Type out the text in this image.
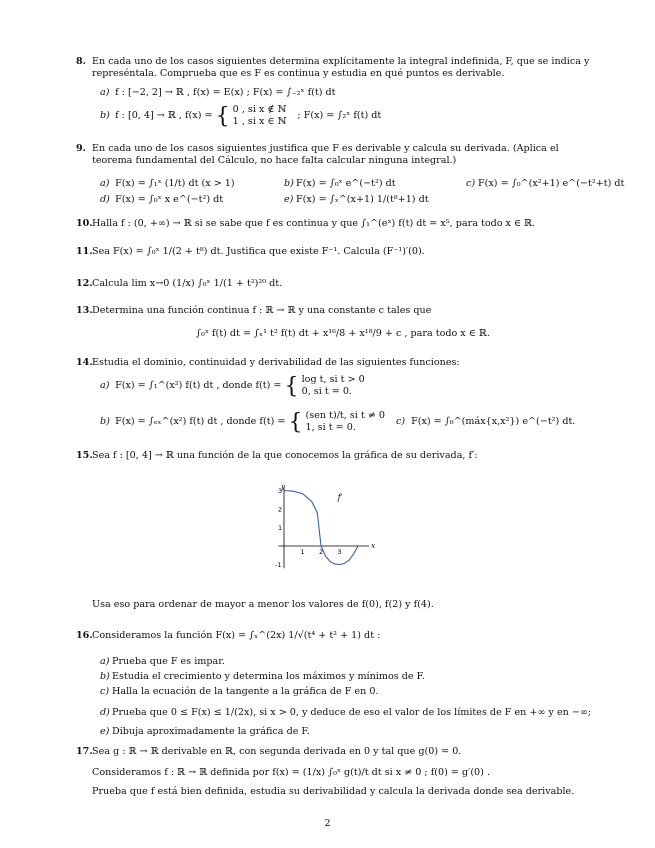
8. En cada uno de los casos siguientes determina explícitamente la integral indefinida, F, que se indica y represéntala. Comprueba que es F es continua y estudia en qué puntos es derivable.
a) f : [−2, 2] → ℝ , f(x) = E(x) ; F(x) = ∫₋₂ˣ f(t) dt
b) f : [0, 4] → ℝ , f(x) = { 0 , si x ∉ ℕ
1 , si x ∈ ℕ
; F(x) = ∫₂ˣ f(t) dt
9. En cada uno de los casos siguientes justifica que F es derivable y calcula su derivada. (Aplica el teorema fundamental del Cálculo, no hace falta calcular ninguna integral.)
a) F(x) = ∫₁ˣ (1/t) dt (x > 1)	b) F(x) = ∫₀ˣ e^(−t²) dt	c) F(x) = ∫₀^(x²+1) e^(−t²+t) dt
d) F(x) = ∫₀ˣ x e^(−t²) dt	e) F(x) = ∫ₓ^(x+1) 1/(t⁸+1) dt
10. Halla f : (0, +∞) → ℝ si se sabe que f es continua y que ∫₁^(eˣ) f(t) dt = x⁵, para todo x ∈ ℝ.
11. Sea F(x) = ∫₀ˣ 1/(2 + t⁸) dt. Justifica que existe F⁻¹. Calcula (F⁻¹)′(0).
12. Calcula lim x→0 (1/x) ∫₀ˣ 1/(1 + t²)²⁰ dt.
13. Determina una función continua f : ℝ → ℝ y una constante c tales que
∫₀ˣ f(t) dt = ∫ₓ¹ t² f(t) dt + x¹⁶/8 + x¹⁸/9 + c , para todo x ∈ ℝ.
14. Estudia el dominio, continuidad y derivabilidad de las siguientes funciones:
a) F(x) = ∫₁^(x²) f(t) dt , donde f(t) = { log t, si t > 0
0, si t = 0.
b) F(x) = ∫ₑₓ^(x²) f(t) dt , donde f(t) = { (sen t)/t, si t ≠ 0
1, si t = 0.
c) F(x) = ∫₀^(máx{x,x²}) e^(−t²) dt.
15. Sea f : [0, 4] → ℝ una función de la que conocemos la gráfica de su derivada, f′:
y
x
f′
1 2 3
3
2
1
-1
Usa eso para ordenar de mayor a menor los valores de f(0), f(2) y f(4).
16. Consideramos la función F(x) = ∫ₓ^(2x) 1/√(t⁴ + t² + 1) dt :
a) Prueba que F es impar.
b) Estudia el crecimiento y determina los máximos y mínimos de F.
c) Halla la ecuación de la tangente a la gráfica de F en 0.
d) Prueba que 0 ≤ F(x) ≤ 1/(2x), si x > 0, y deduce de eso el valor de los límites de F en +∞ y en −∞;
e) Dibuja aproximadamente la gráfica de F.
17. Sea g : ℝ → ℝ derivable en ℝ, con segunda derivada en 0 y tal que g(0) = 0.
Consideramos f : ℝ → ℝ definida por f(x) = (1/x) ∫₀ˣ g(t)/t dt si x ≠ 0 ; f(0) = g′(0) .
Prueba que f está bien definida, estudia su derivabilidad y calcula la derivada donde sea derivable.
2
